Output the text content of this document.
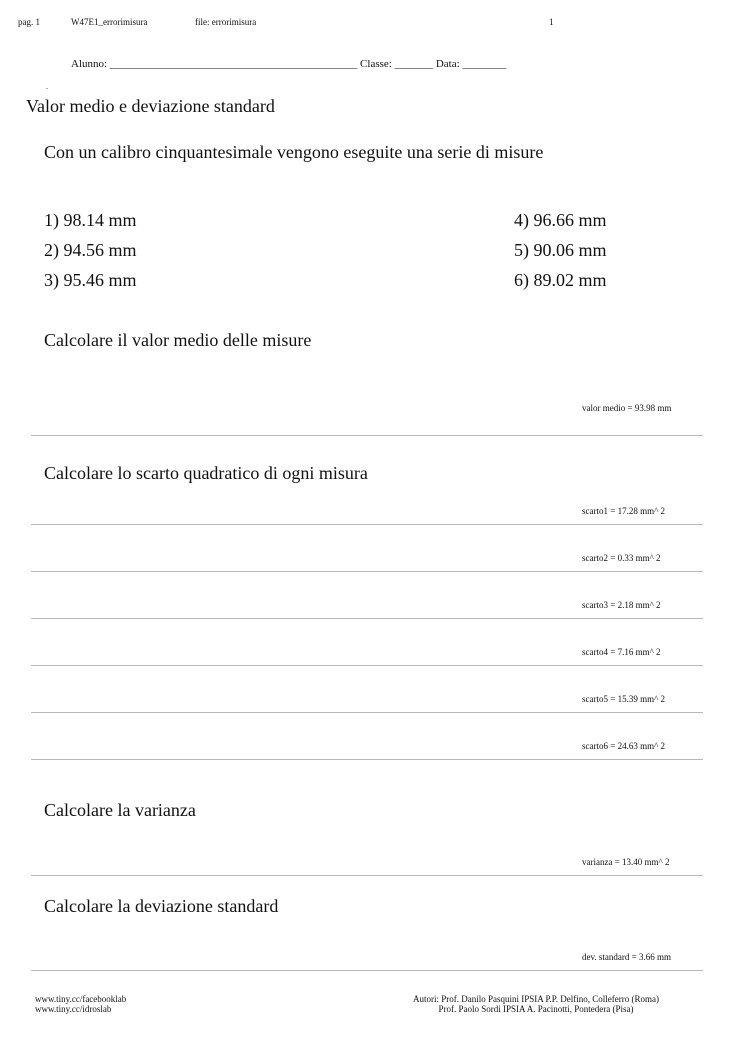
pag. 1	W47E1_errorimisura	file: errorimisura	1
Alunno: _____________________________________________ Classe: _______ Data: ________
.
Valor medio e deviazione standard
Con un calibro cinquantesimale vengono eseguite una serie di misure
1) 98.14 mm
2) 94.56 mm
3) 95.46 mm
4) 96.66 mm
5) 90.06 mm
6) 89.02 mm
Calcolare il valor medio delle misure
valor medio = 93.98 mm
Calcolare lo scarto quadratico di ogni misura
scarto1 = 17.28 mm^ 2
scarto2 = 0.33 mm^ 2
scarto3 = 2.18 mm^ 2
scarto4 = 7.16 mm^ 2
scarto5 = 15.39 mm^ 2
scarto6 = 24.63 mm^ 2
Calcolare la varianza
varianza = 13.40 mm^ 2
Calcolare la deviazione standard
dev. standard = 3.66 mm
www.tiny.cc/facebooklab
www.tiny.cc/idroslab
Autori: Prof. Danilo Pasquini IPSIA P.P. Delfino, Colleferro (Roma)
Prof. Paolo Sordi IPSIA A. Pacinotti, Pontedera (Pisa)
